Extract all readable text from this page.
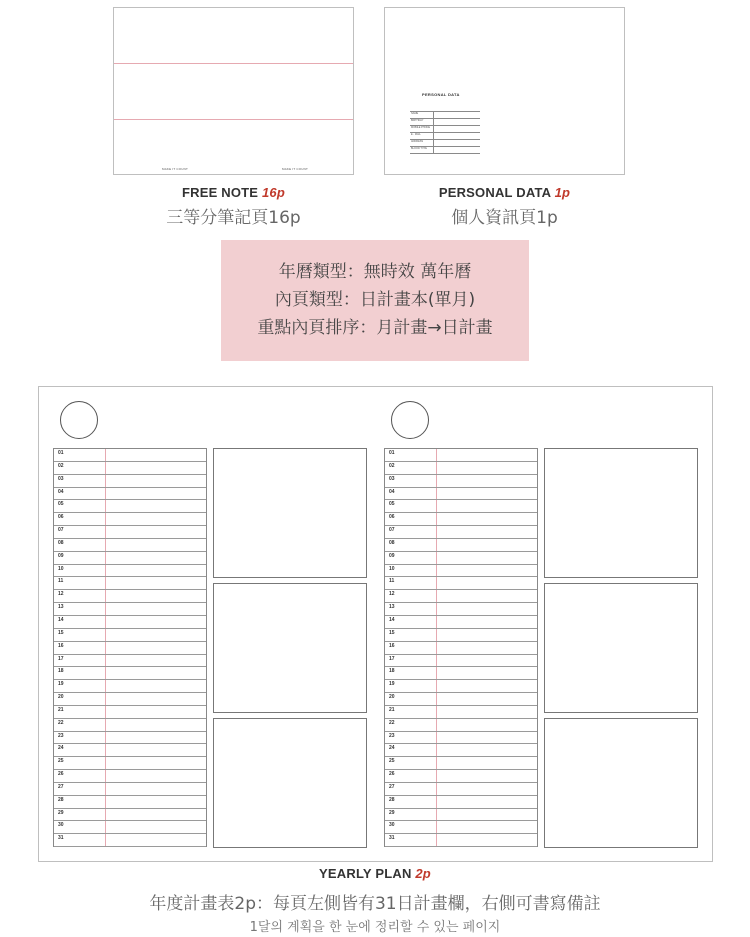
MAKE IT COUNT	MAKE IT COUNT
PERSONAL DATA
NAME
BIRTHDAY
MOBILE PHONE
E - MAIL
ADDRESS
BLOOD TYPE
FREE NOTE 16p
三等分筆記頁16p
PERSONAL DATA 1p
個人資訊頁1p
年曆類型：無時效 萬年曆
內頁類型：日計畫本(單月)
重點內頁排序：月計畫→日計畫
01
02
03
04
05
06
07
08
09
10
11
12
13
14
15
16
17
18
19
20
21
22
23
24
25
26
27
28
29
30
31
01
02
03
04
05
06
07
08
09
10
11
12
13
14
15
16
17
18
19
20
21
22
23
24
25
26
27
28
29
30
31
YEARLY PLAN 2p
年度計畫表2p：每頁左側皆有31日計畫欄，右側可書寫備註
1달의 계획을 한 눈에 정리할 수 있는 페이지
